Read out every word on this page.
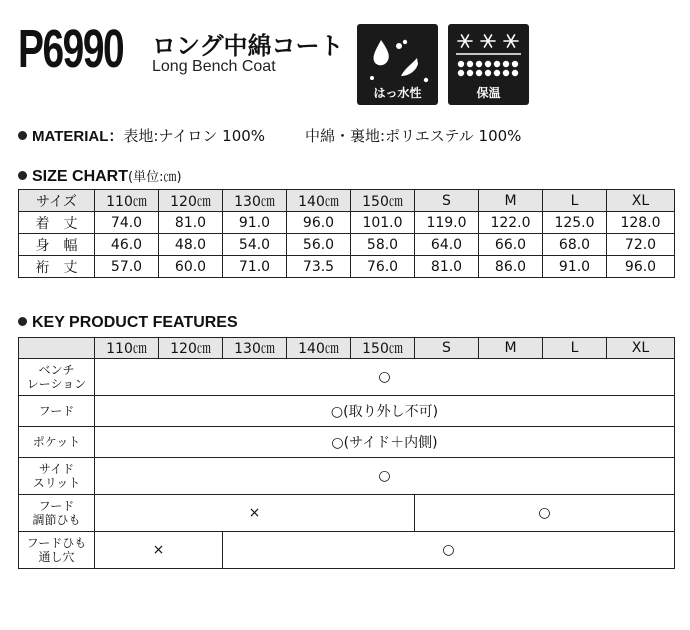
P6990 ロング中綿コート
Long Bench Coat
はっ水性	保温
MATERIAL：表地:ナイロン 100%	中綿・裏地:ポリエステル 100%
SIZE CHART(単位:㎝)
サイズ	110㎝	120㎝	130㎝	140㎝	150㎝	S	M	L	XL
着丈	74.0	81.0	91.0	96.0	101.0	119.0	122.0	125.0	128.0
身幅	46.0	48.0	54.0	56.0	58.0	64.0	66.0	68.0	72.0
裄丈	57.0	60.0	71.0	73.5	76.0	81.0	86.0	91.0	96.0
KEY PRODUCT FEATURES
	110㎝	120㎝	130㎝	140㎝	150㎝	S	M	L	XL
ベンチ
レーション	○								
フード	○(取り外し不可)								
ポケット	○(サイド＋内側)								
サイド
スリット	○								
フード
調節ひも	×					○			
フードひも
通し穴	×		○						
